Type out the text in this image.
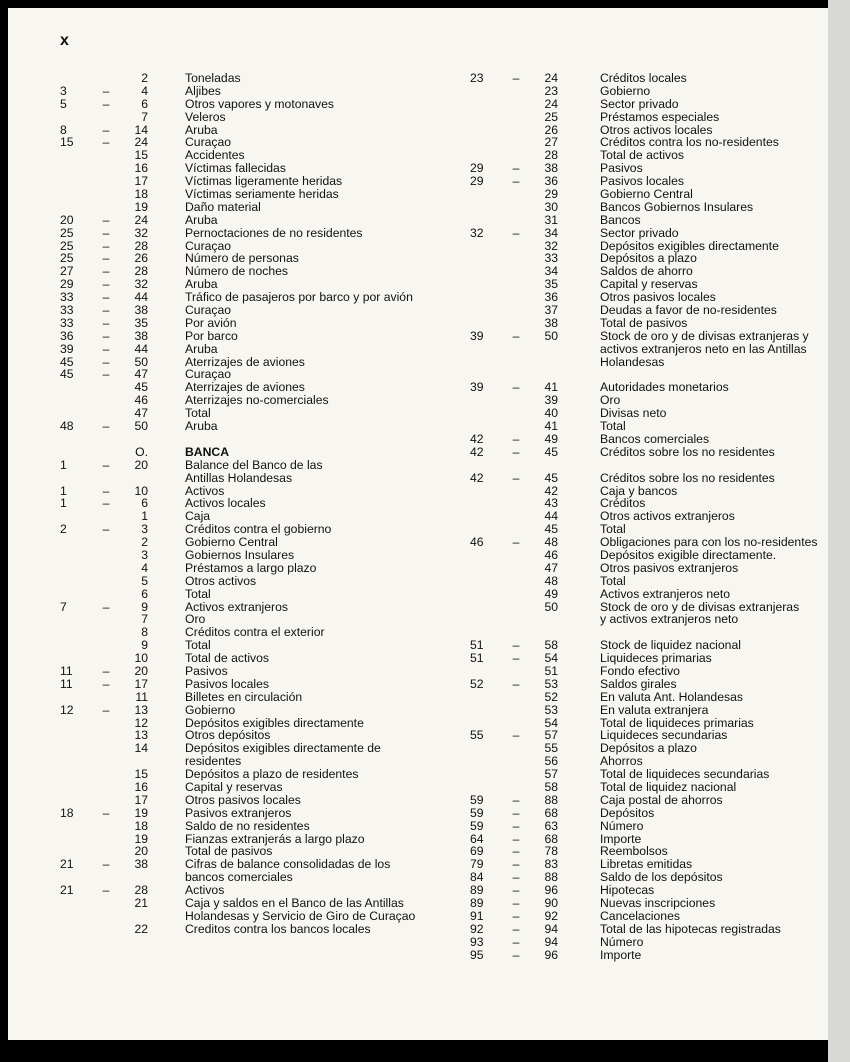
x
2	Toneladas
3	–	4	Aljibes
5	–	6	Otros vapores y motonaves
7	Veleros
8	–	14	Aruba
15 –	24	Curaçao
15	Accidentes
16	Víctimas fallecidas
17	Víctimas ligeramente heridas
18	Víctimas seriamente heridas
19	Daño material
20 –	24	Aruba
25 –	32	Pernoctaciones de no residentes
25 –	28	Curaçao
25 –	26	Número de personas
27 –	28	Número de noches
29 –	32	Aruba
33 –	44	Tráfico de pasajeros por barco y por avión
33 –	38	Curaçao
33 –	35	Por avión
36 –	38	Por barco
39 –	44	Aruba
45 –	50	Aterrizajes de aviones
45 –	47	Curaçao
45	Aterrizajes de aviones
46	Aterrizajes no-comerciales
47	Total
48 –	50	Aruba
O.	BANCA
1	–	20	Balance del Banco de las
Antillas Holandesas
1	–	10	Activos
1	–	6	Activos locales
1	Caja
2	–	3	Créditos contra el gobierno
2	Gobierno Central
3	Gobiernos Insulares
4	Préstamos a largo plazo
5	Otros activos
6	Total
7	–	9	Activos extranjeros
7	Oro
8	Créditos contra el exterior
9	Total
10	Total de activos
11 –	20	Pasivos
11 –	17	Pasivos locales
11	Billetes en circulación
12 –	13	Gobierno
12	Depósitos exigibles directamente
13	Otros depósitos
14	Depósitos exigibles directamente de
residentes
15	Depósitos a plazo de residentes
16	Capital y reservas
17	Otros pasivos locales
18 –	19	Pasivos extranjeros
18	Saldo de no residentes
19	Fianzas extranjerás a largo plazo
20	Total de pasivos
21 –	38	Cifras de balance consolidadas de los
bancos comerciales
21 –	28	Activos
21	Caja y saldos en el Banco de las Antillas
Holandesas y Servicio de Giro de Curaçao
22	Creditos contra los bancos locales
23 –	24	Créditos locales
23	Gobierno
24	Sector privado
25	Préstamos especiales
26	Otros activos locales
27	Créditos contra los no-residentes
28	Total de activos
29 –	38	Pasivos
29 –	36	Pasivos locales
29	Gobierno Central
30	Bancos Gobiernos Insulares
31	Bancos
32 –	34	Sector privado
32	Depósitos exigibles directamente
33	Depósitos a plazo
34	Saldos de ahorro
35	Capital y reservas
36	Otros pasivos locales
37	Deudas a favor de no-residentes
38	Total de pasivos
39 –	50	Stock de oro y de divisas extranjeras y
activos extranjeros neto en las Antillas
Holandesas
39 –	41	Autoridades monetarios
39	Oro
40	Divisas neto
41	Total
42 –	49	Bancos comerciales
42 –	45	Créditos sobre los no residentes
42 –	45	Créditos sobre los no residentes
42	Caja y bancos
43	Créditos
44	Otros activos extranjeros
45	Total
46 –	48	Obligaciones para con los no-residentes
46	Depósitos exigible directamente.
47	Otros pasivos extranjeros
48	Total
49	Activos extranjeros neto
50	Stock de oro y de divisas extranjeras
y activos extranjeros neto
51 –	58	Stock de liquidez nacional
51 –	54	Liquideces primarias
51	Fondo efectivo
52 –	53	Saldos girales
52	En valuta Ant. Holandesas
53	En valuta extranjera
54	Total de liquideces primarias
55 –	57	Liquideces secundarias
55	Depósitos a plazo
56	Ahorros
57	Total de liquideces secundarias
58	Total de liquidez nacional
59 –	88	Caja postal de ahorros
59 –	68	Depósitos
59 –	63	Número
64 –	68	Importe
69 –	78	Reembolsos
79 –	83	Libretas emitidas
84 –	88	Saldo de los depósitos
89 –	96	Hipotecas
89 –	90	Nuevas inscripciones
91 –	92	Cancelaciones
92 –	94	Total de las hipotecas registradas
93 –	94	Número
95 –	96	Importe
